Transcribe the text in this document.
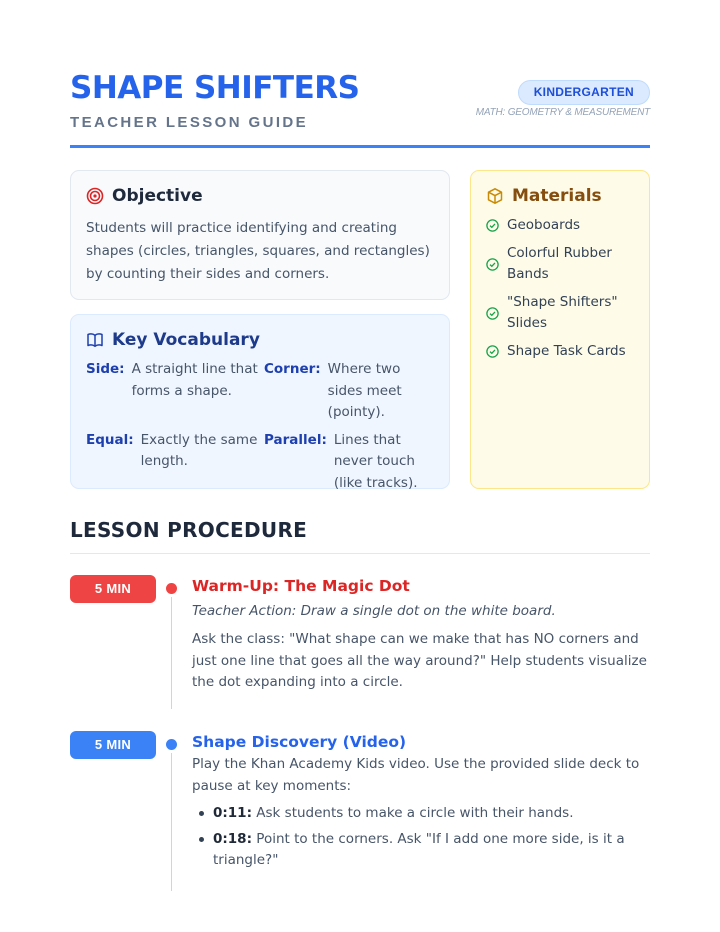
SHAPE SHIFTERS
TEACHER LESSON GUIDE
KINDERGARTEN
MATH: GEOMETRY & MEASUREMENT
Objective
Students will practice identifying and creating shapes (circles, triangles, squares, and rectangles) by counting their sides and corners.
Key Vocabulary
Side: A straight line that forms a shape.
Corner: Where two sides meet (pointy).
Equal: Exactly the same length.
Parallel: Lines that never touch (like tracks).
Materials
Geoboards
Colorful Rubber Bands
"Shape Shifters" Slides
Shape Task Cards
LESSON PROCEDURE
5 MIN	Warm-Up: The Magic Dot
Teacher Action: Draw a single dot on the white board.
Ask the class: "What shape can we make that has NO corners and just one line that goes all the way around?" Help students visualize the dot expanding into a circle.
5 MIN	Shape Discovery (Video)
Play the Khan Academy Kids video. Use the provided slide deck to pause at key moments:
0:11: Ask students to make a circle with their hands.
0:18: Point to the corners. Ask "If I add one more side, is it a triangle?"
